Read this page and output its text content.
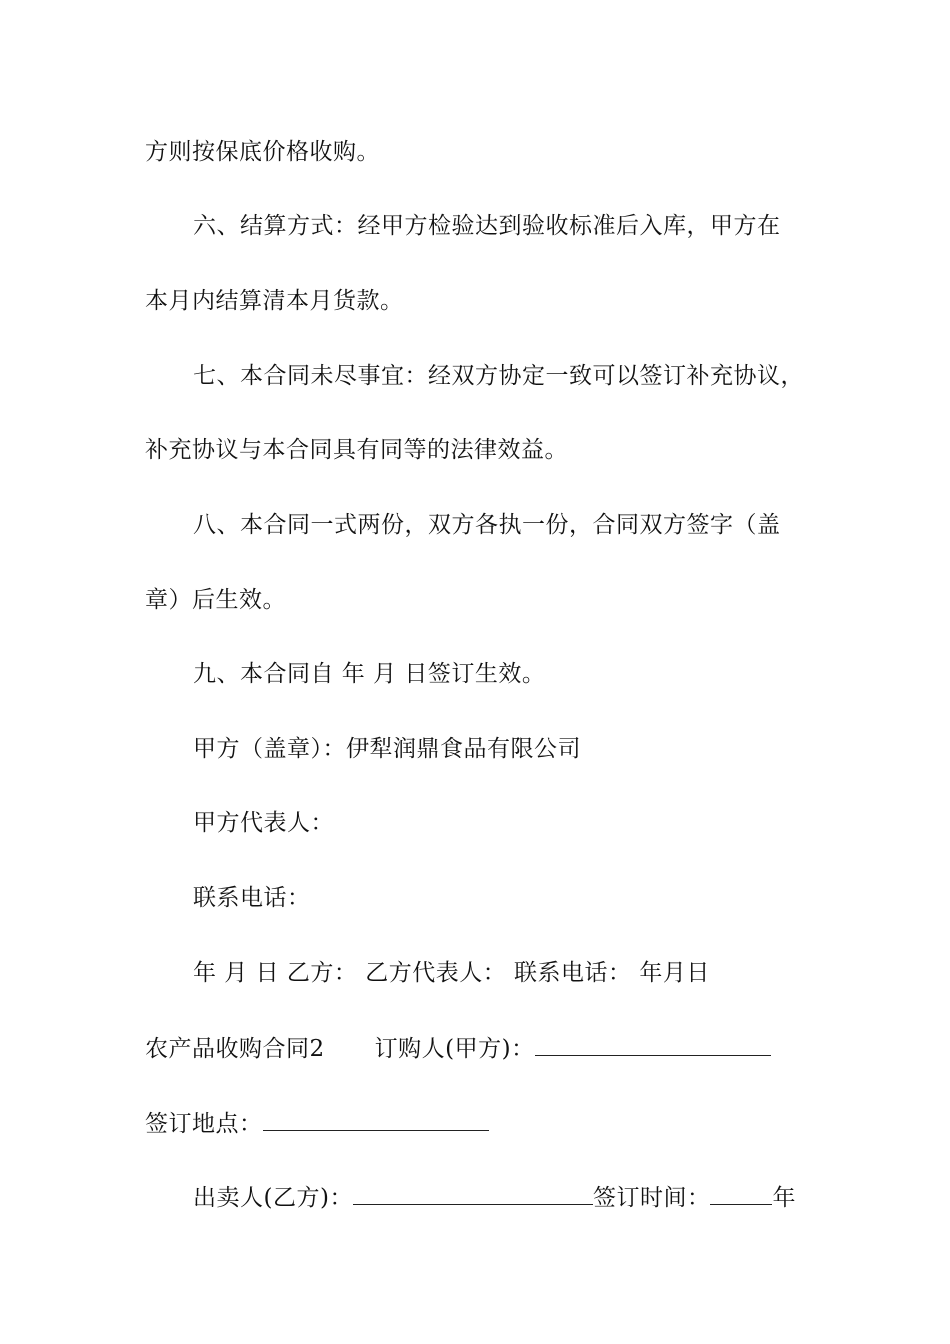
方则按保底价格收购。
六、结算方式：经甲方检验达到验收标准后入库，甲方在
本月内结算清本月货款。
七、本合同未尽事宜：经双方协定一致可以签订补充协议，
补充协议与本合同具有同等的法律效益。
八、本合同一式两份，双方各执一份，合同双方签字（盖
章）后生效。
九、本合同自 年 月 日签订生效。
甲方（盖章）：伊犁润鼎食品有限公司
甲方代表人：
联系电话：
年 月 日 乙方： 乙方代表人： 联系电话： 年月日
农产品收购合同2 订购人(甲方)：
签订地点：
出卖人(乙方)：	签订时间：	年
